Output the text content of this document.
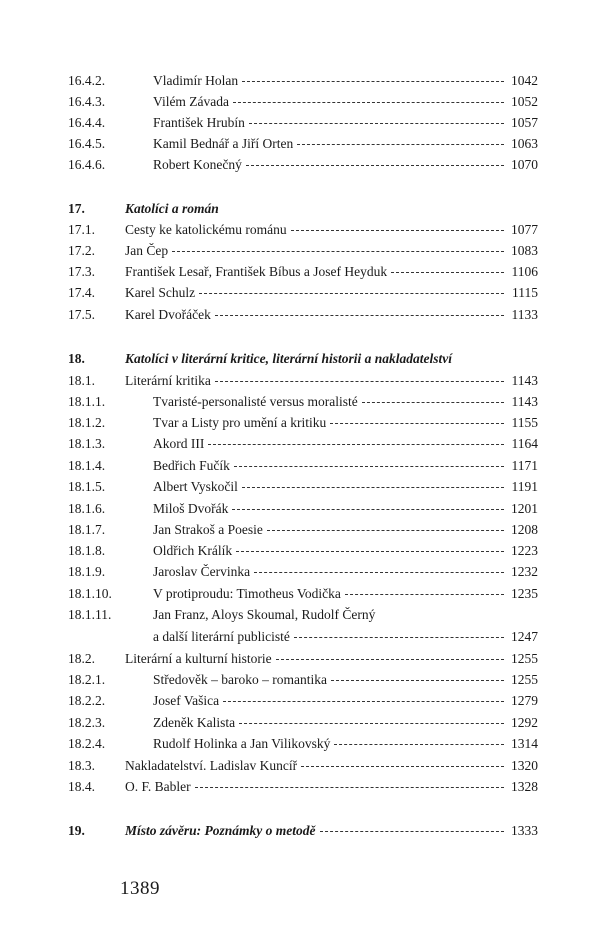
16.4.2.	Vladimír Holan	1042
16.4.3.	Vilém Závada	1052
16.4.4.	František Hrubín	1057
16.4.5.	Kamil Bednář a Jiří Orten	1063
16.4.6.	Robert Konečný	1070
17.	Katolíci a román
17.1. Cesty ke katolickému románu	1077
17.2. Jan Čep	1083
17.3. František Lesař, František Bíbus a Josef Heyduk	1106
17.4. Karel Schulz	1115
17.5. Karel Dvořáček	1133
18.	Katolíci v literární kritice, literární historii a nakladatelství
18.1. Literární kritika	1143
18.1.1.	Tvaristé-personalisté versus moralisté	1143
18.1.2.	Tvar a Listy pro umění a kritiku	1155
18.1.3.	Akord III	1164
18.1.4.	Bedřich Fučík	1171
18.1.5.	Albert Vyskočil	1191
18.1.6.	Miloš Dvořák	1201
18.1.7.	Jan Strakoš a Poesie	1208
18.1.8.	Oldřich Králík	1223
18.1.9.	Jaroslav Červinka	1232
18.1.10.	V protiproudu: Timotheus Vodička	1235
18.1.11.	Jan Franz, Aloys Skoumal, Rudolf Černý
a další literární publicisté	1247
18.2. Literární a kulturní historie	1255
18.2.1.	Středověk – baroko – romantika	1255
18.2.2.	Josef Vašica	1279
18.2.3.	Zdeněk Kalista	1292
18.2.4.	Rudolf Holinka a Jan Vilikovský	1314
18.3. Nakladatelství. Ladislav Kuncíř	1320
18.4. O. F. Babler	1328
19.	Místo závěru: Poznámky o metodě	1333
1389
